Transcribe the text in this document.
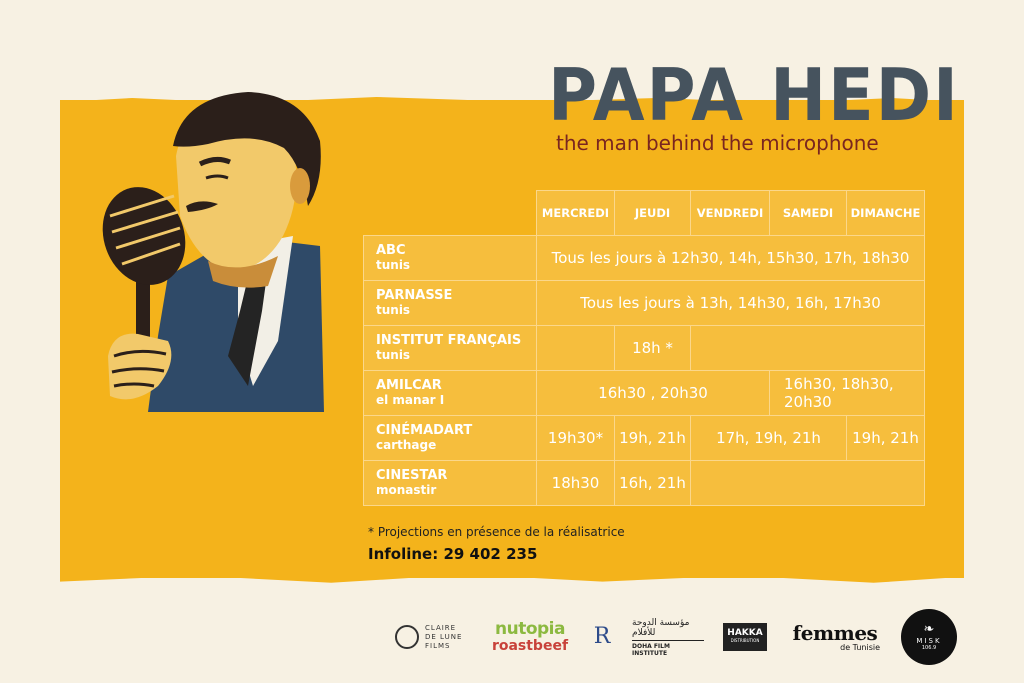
PAPA HEDI
the man behind the microphone
	MERCREDI	JEUDI	VENDREDI	SAMEDI	DIMANCHE

ABC
tunis	Tous les jours à 12h30, 14h, 15h30, 17h, 18h30				

PARNASSE
tunis	Tous les jours à 13h, 14h30, 16h, 17h30				

INSTITUT FRANÇAIS
tunis		18h *			

AMILCAR
el manar I	16h30 , 20h30			16h30, 18h30, 20h30	

CINÉMADART
carthage	19h30*	19h, 21h	17h, 19h, 21h		19h, 21h

CINESTAR
monastir	18h30	16h, 21h			
* Projections en présence de la réalisatrice
Infoline: 29 402 235
CLAIRE DE LUNE FILMS
nutopia
roastbeef R
مؤسسة الدوحة للأفلام
DOHA FILM INSTITUTE
HAKKA
DISTRIBUTION femmes
de Tunisie
❧
MISK
106.9
